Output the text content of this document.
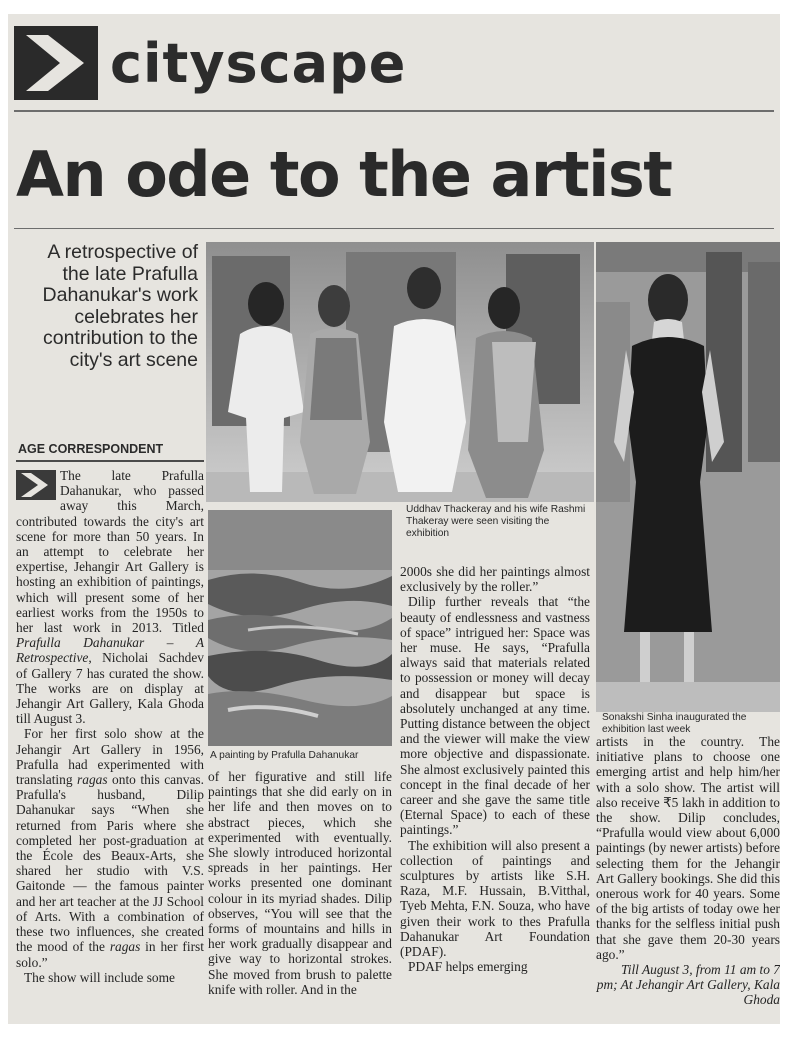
cityscape
An ode to the artist
A retrospective of the late Prafulla Dahanukar's work celebrates her contribution to the city's art scene
AGE CORRESPONDENT

The late Prafulla Dahanukar, who passed away this March, contributed towards the city's art scene for more than 50 years. In an attempt to celebrate her expertise, Jehangir Art Gallery is hosting an exhibition of paintings, which will present some of her earliest works from the 1950s to her last work in 2013. Titled Prafulla Dahanukar – A Retrospective, Nicholai Sachdev of Gallery 7 has curated the show. The works are on display at Jehangir Art Gallery, Kala Ghoda till August 3.

For her first solo show at the Jehangir Art Gallery in 1956, Prafulla had experimented with translating ragas onto this canvas. Prafulla's husband, Dilip Dahanukar says “When she returned from Paris where she completed her post-graduation at the École des Beaux-Arts, she shared her studio with V.S. Gaitonde — the famous painter and her art teacher at the JJ School of Arts. With a combination of these two influences, she created the mood of the ragas in her first solo.”

The show will include some

Uddhav Thackeray and his wife Rashmi Thakeray were seen visiting the exhibition
A painting by Prafulla Dahanukar

of her figurative and still life paintings that she did early on in her life and then moves on to abstract pieces, which she experimented with eventually. She slowly introduced horizontal spreads in her paintings. Her works presented one dominant colour in its myriad shades. Dilip observes, “You will see that the forms of mountains and hills in her work gradually disappear and give way to horizontal strokes. She moved from brush to palette knife with roller. And in the

2000s she did her paintings almost exclusively by the roller.”

Dilip further reveals that “the beauty of endlessness and vastness of space” intrigued her: Space was her muse. He says, “Prafulla always said that materials related to possession or money will decay and disappear but space is absolutely unchanged at any time. Putting distance between the object and the viewer will make the view more objective and dispassionate. She almost exclusively painted this concept in the final decade of her career and she gave the same title (Eternal Space) to each of these paintings.”

The exhibition will also present a collection of paintings and sculptures by artists like S.H. Raza, M.F. Hussain, B.Vitthal, Tyeb Mehta, F.N. Souza, who have given their work to thes Prafulla Dahanukar Art Foundation (PDAF).

PDAF helps emerging

Sonakshi Sinha inaugurated the exhibition last week

artists in the country. The initiative plans to choose one emerging artist and help him/her with a solo show. The artist will also receive ₹5 lakh in addition to the show. Dilip concludes, “Prafulla would view about 6,000 paintings (by newer artists) before selecting them for the Jehangir Art Gallery bookings. She did this onerous work for 40 years. Some of the big artists of today owe her thanks for the selfless initial push that she gave them 20-30 years ago.”

Till August 3, from 11 am to 7 pm; At Jehangir Art Gallery, Kala Ghoda
